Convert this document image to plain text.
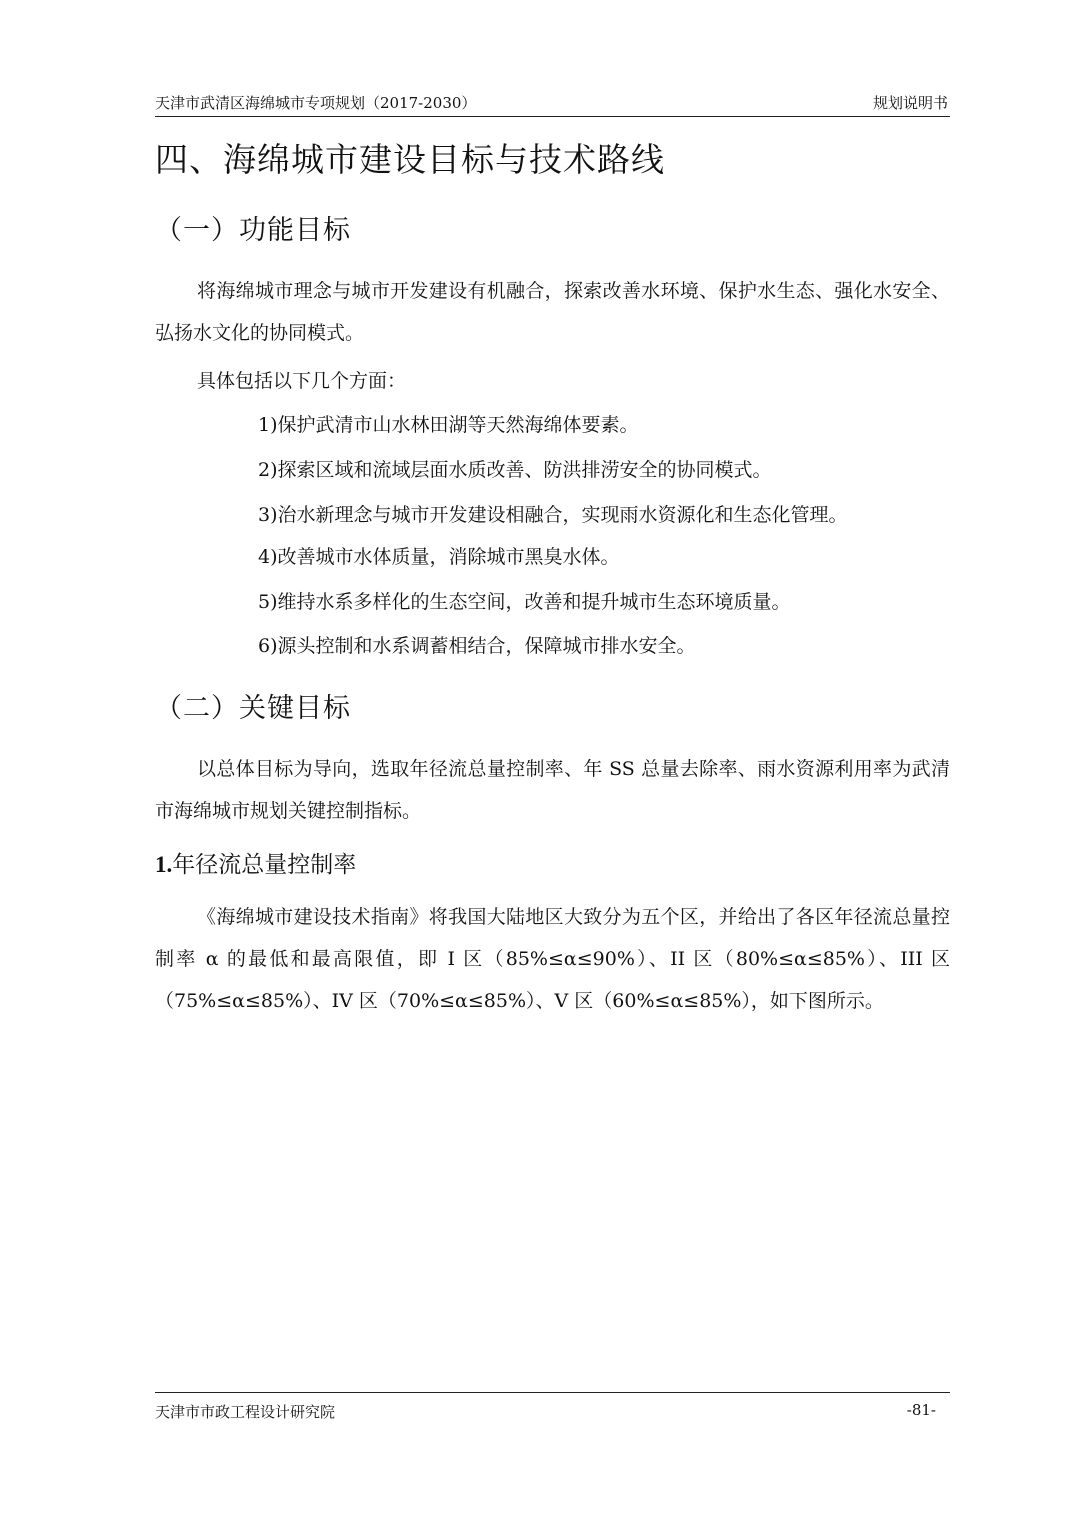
天津市武清区海绵城市专项规划（2017-2030）	规划说明书
四、海绵城市建设目标与技术路线
（一）功能目标

将海绵城市理念与城市开发建设有机融合，探索改善水环境、保护水生态、强化水安全、弘扬水文化的协同模式。

具体包括以下几个方面：

1)保护武清市山水林田湖等天然海绵体要素。

2)探索区域和流域层面水质改善、防洪排涝安全的协同模式。

3)治水新理念与城市开发建设相融合，实现雨水资源化和生态化管理。

4)改善城市水体质量，消除城市黑臭水体。

5)维持水系多样化的生态空间，改善和提升城市生态环境质量。

6)源头控制和水系调蓄相结合，保障城市排水安全。

（二）关键目标

以总体目标为导向，选取年径流总量控制率、年 SS 总量去除率、雨水资源利用率为武清市海绵城市规划关键控制指标。

1.年径流总量控制率

《海绵城市建设技术指南》将我国大陆地区大致分为五个区，并给出了各区年径流总量控制率 α 的最低和最高限值，即 I 区（85%≤α≤90%）、II 区（80%≤α≤85%）、III 区（75%≤α≤85%）、IV 区（70%≤α≤85%）、V 区（60%≤α≤85%），如下图所示。

天津市市政工程设计研究院	-81-
